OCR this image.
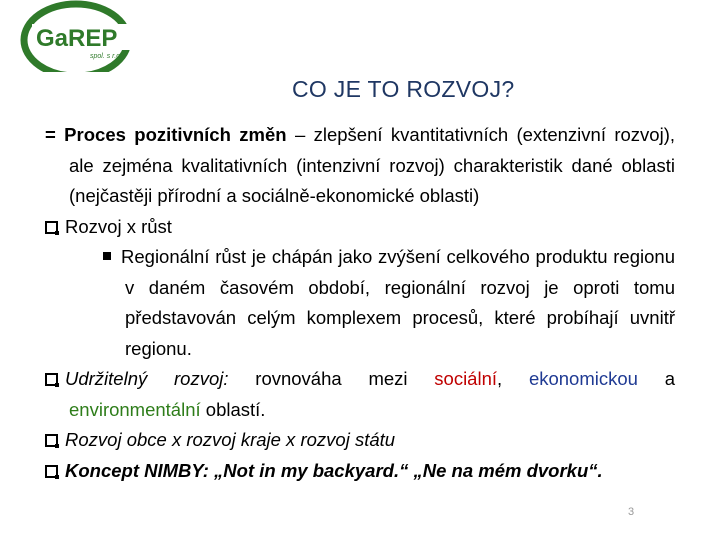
GaREP
spol. s r.o.
CO JE TO ROZVOJ?
= Proces pozitivních změn – zlepšení kvantitativních (extenzivní rozvoj), ale zejména kvalitativních (intenzivní rozvoj) charakteristik dané oblasti (nejčastěji přírodní a sociálně-ekonomické oblasti)
Rozvoj x růst
Regionální růst je chápán jako zvýšení celkového produktu regionu v daném časovém období, regionální rozvoj je oproti tomu představován celým komplexem procesů, které probíhají uvnitř regionu.
Udržitelný rozvoj: rovnováha mezi sociální, ekonomickou a environmentální oblastí.
Rozvoj obce x rozvoj kraje x rozvoj státu
Koncept NIMBY: „Not in my backyard.“ „Ne na mém dvorku“.
3
